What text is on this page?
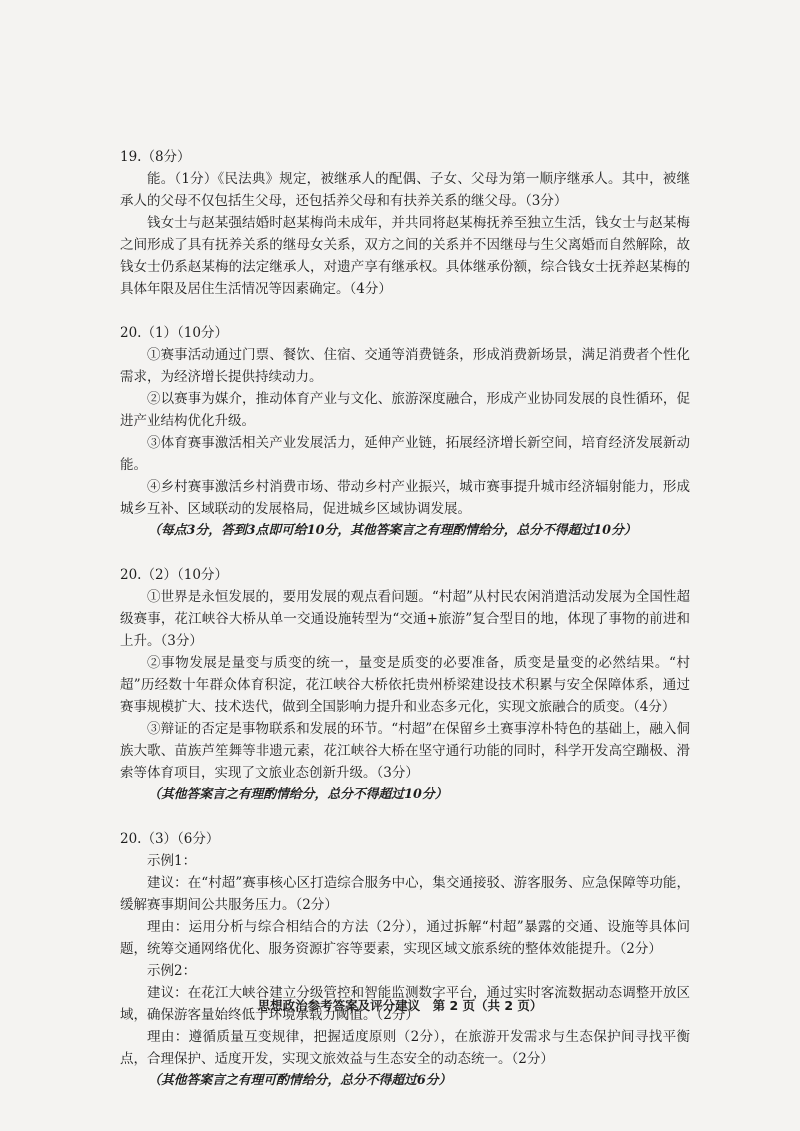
19.（8分）

能。（1分）《民法典》规定，被继承人的配偶、子女、父母为第一顺序继承人。其中，被继承人的父母不仅包括生父母，还包括养父母和有扶养关系的继父母。（3分）

钱女士与赵某强结婚时赵某梅尚未成年，并共同将赵某梅抚养至独立生活，钱女士与赵某梅之间形成了具有抚养关系的继母女关系，双方之间的关系并不因继母与生父离婚而自然解除，故钱女士仍系赵某梅的法定继承人，对遗产享有继承权。具体继承份额，综合钱女士抚养赵某梅的具体年限及居住生活情况等因素确定。（4分）

20.（1）（10分）

①赛事活动通过门票、餐饮、住宿、交通等消费链条，形成消费新场景，满足消费者个性化需求，为经济增长提供持续动力。

②以赛事为媒介，推动体育产业与文化、旅游深度融合，形成产业协同发展的良性循环，促进产业结构优化升级。

③体育赛事激活相关产业发展活力，延伸产业链，拓展经济增长新空间，培育经济发展新动能。

④乡村赛事激活乡村消费市场、带动乡村产业振兴，城市赛事提升城市经济辐射能力，形成城乡互补、区域联动的发展格局，促进城乡区域协调发展。

（每点3分，答到3点即可给10分，其他答案言之有理酌情给分，总分不得超过10分）

20.（2）（10分）

①世界是永恒发展的，要用发展的观点看问题。“村超”从村民农闲消遣活动发展为全国性超级赛事，花江峡谷大桥从单一交通设施转型为“交通+旅游”复合型目的地，体现了事物的前进和上升。（3分）

②事物发展是量变与质变的统一，量变是质变的必要准备，质变是量变的必然结果。“村超”历经数十年群众体育积淀，花江峡谷大桥依托贵州桥梁建设技术积累与安全保障体系，通过赛事规模扩大、技术迭代，做到全国影响力提升和业态多元化，实现文旅融合的质变。（4分）

③辩证的否定是事物联系和发展的环节。“村超”在保留乡土赛事淳朴特色的基础上，融入侗族大歌、苗族芦笙舞等非遗元素，花江峡谷大桥在坚守通行功能的同时，科学开发高空蹦极、滑索等体育项目，实现了文旅业态创新升级。（3分）

（其他答案言之有理酌情给分，总分不得超过10分）

20.（3）（6分）

示例1：

建议：在“村超”赛事核心区打造综合服务中心，集交通接驳、游客服务、应急保障等功能，缓解赛事期间公共服务压力。（2分）

理由：运用分析与综合相结合的方法（2分），通过拆解“村超”暴露的交通、设施等具体问题，统筹交通网络优化、服务资源扩容等要素，实现区域文旅系统的整体效能提升。（2分）

示例2：

建议：在花江大峡谷建立分级管控和智能监测数字平台，通过实时客流数据动态调整开放区域，确保游客量始终低于环境承载力阈值。（2分）

理由：遵循质量互变规律，把握适度原则（2分），在旅游开发需求与生态保护间寻找平衡点，合理保护、适度开发，实现文旅效益与生态安全的动态统一。（2分）

（其他答案言之有理可酌情给分，总分不得超过6分）

思想政治参考答案及评分建议　第 2 页（共 2 页）
